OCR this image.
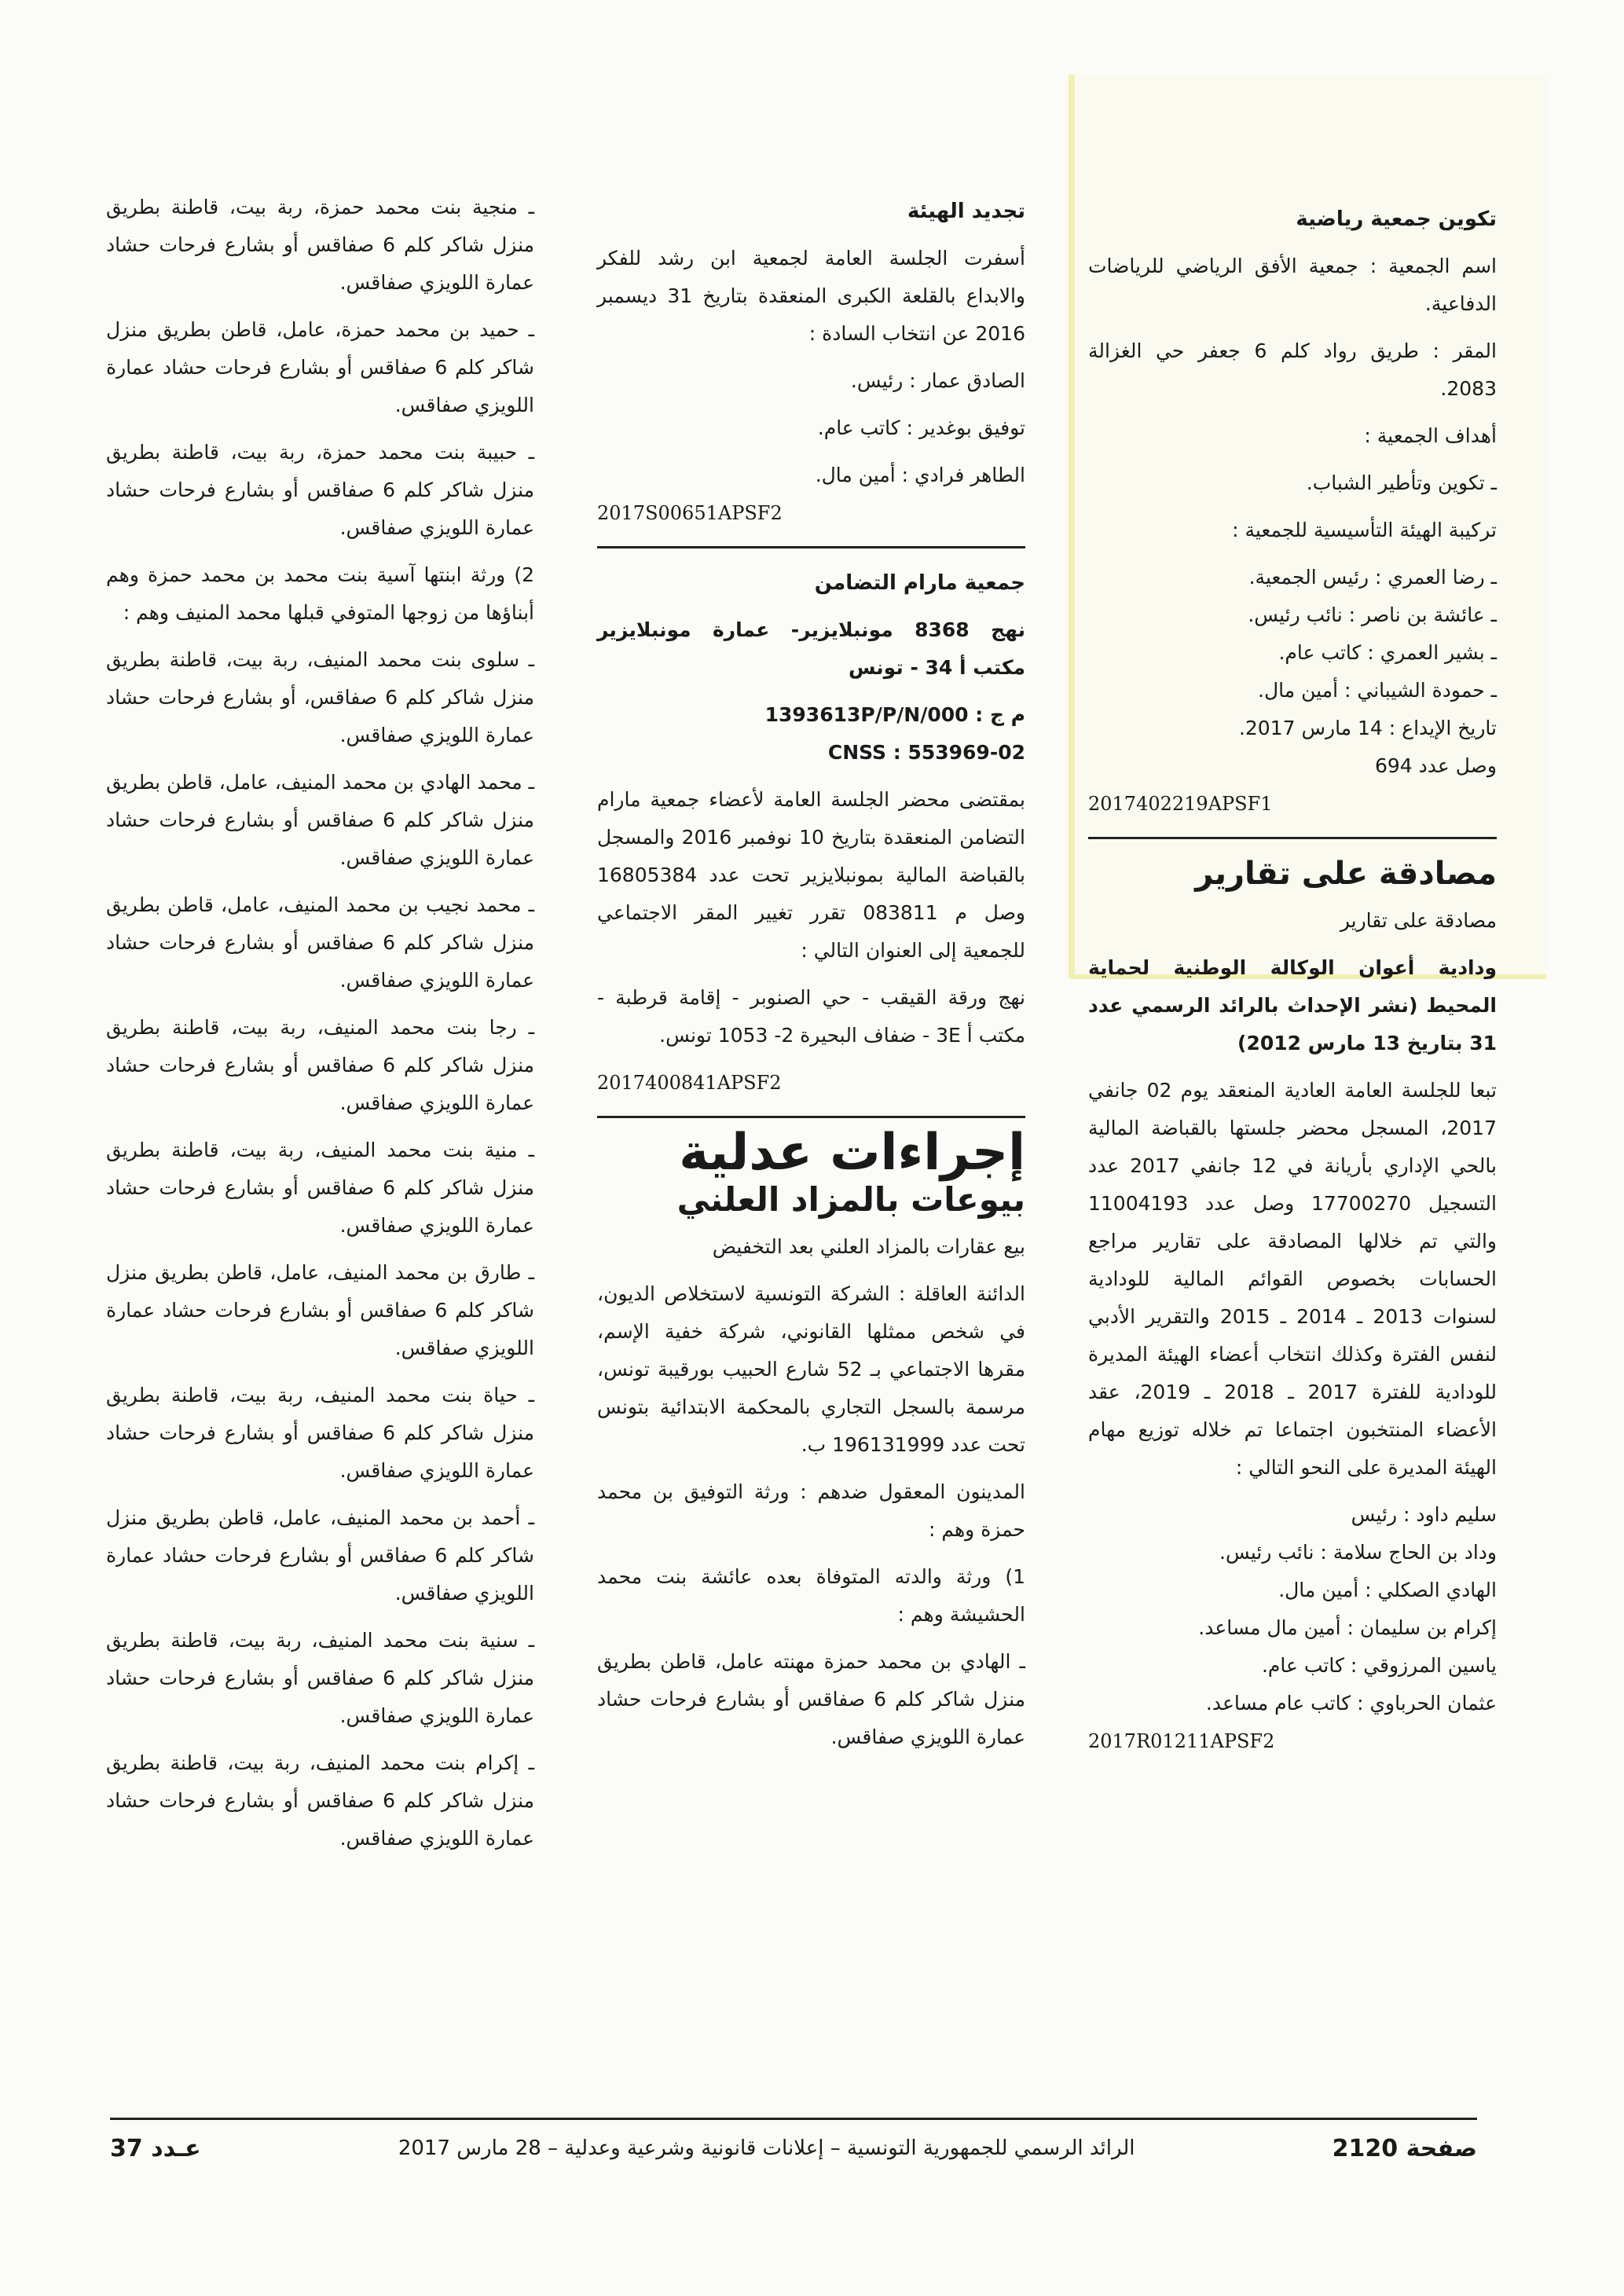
تكوين جمعية رياضية

اسم الجمعية : جمعية الأفق الرياضي للرياضات الدفاعية.

المقر : طريق رواد كلم 6 جعفر حي الغزالة 2083.

أهداف الجمعية :

ـ تكوين وتأطير الشباب.

تركيبة الهيئة التأسيسية للجمعية :

ـ رضا العمري : رئيس الجمعية.

ـ عائشة بن ناصر : نائب رئيس.

ـ بشير العمري : كاتب عام.

ـ حمودة الشيباني : أمين مال.

تاريخ الإيداع : 14 مارس 2017.

وصل عدد 694

2017402219APSF1

مصادقة على تقارير

مصادقة على تقارير

ودادية أعوان الوكالة الوطنية لحماية المحيط (نشر الإحداث بالرائد الرسمي عدد 31 بتاريخ 13 مارس 2012)

تبعا للجلسة العامة العادية المنعقد يوم 02 جانفي 2017، المسجل محضر جلستها بالقباضة المالية بالحي الإداري بأريانة في 12 جانفي 2017 عدد التسجيل 17700270 وصل عدد 11004193 والتي تم خلالها المصادقة على تقارير مراجع الحسابات بخصوص القوائم المالية للودادية لسنوات 2013 ـ 2014 ـ 2015 والتقرير الأدبي لنفس الفترة وكذلك انتخاب أعضاء الهيئة المديرة للودادية للفترة 2017 ـ 2018 ـ 2019، عقد الأعضاء المنتخبون اجتماعا تم خلاله توزيع مهام الهيئة المديرة على النحو التالي :

سليم داود : رئيس

وداد بن الحاج سلامة : نائب رئيس.

الهادي الصكلي : أمين مال.

إكرام بن سليمان : أمين مال مساعد.

ياسين المرزوقي : كاتب عام.

عثمان الحرباوي : كاتب عام مساعد.

2017R01211APSF2

تجديد الهيئة

أسفرت الجلسة العامة لجمعية ابن رشد للفكر والابداع بالقلعة الكبرى المنعقدة بتاريخ 31 ديسمبر 2016 عن انتخاب السادة :

الصادق عمار : رئيس.

توفيق بوغدير : كاتب عام.

الطاهر فرادي : أمين مال.

2017S00651APSF2

جمعية مارام التضامن

نهج 8368 مونبلايزير- عمارة مونبلايزير مكتب أ 34 - تونس

م ج : 1393613P/P/N/000

CNSS : 553969-02

بمقتضى محضر الجلسة العامة لأعضاء جمعية مارام التضامن المنعقدة بتاريخ 10 نوفمبر 2016 والمسجل بالقباضة المالية بمونبلايزير تحت عدد 16805384 وصل م 083811 تقرر تغيير المقر الاجتماعي للجمعية إلى العنوان التالي :

نهج ورقة القيقب - حي الصنوبر - إقامة قرطبة - مكتب أ 3E - ضفاف البحيرة 2- 1053 تونس.

2017400841APSF2

إجراءات عدلية

بيوعات بالمزاد العلني

بيع عقارات بالمزاد العلني بعد التخفيض

الدائنة العاقلة : الشركة التونسية لاستخلاص الديون، في شخص ممثلها القانوني، شركة خفية الإسم، مقرها الاجتماعي بـ 52 شارع الحبيب بورقيبة تونس، مرسمة بالسجل التجاري بالمحكمة الابتدائية بتونس تحت عدد 196131999 ب.

المدينون المعقول ضدهم : ورثة التوفيق بن محمد حمزة وهم :

1) ورثة والدته المتوفاة بعده عائشة بنت محمد الحشيشة وهم :

ـ الهادي بن محمد حمزة مهنته عامل، قاطن بطريق منزل شاكر كلم 6 صفاقس أو بشارع فرحات حشاد عمارة اللويزي صفاقس.

ـ منجية بنت محمد حمزة، ربة بيت، قاطنة بطريق منزل شاكر كلم 6 صفاقس أو بشارع فرحات حشاد عمارة اللويزي صفاقس.

ـ حميد بن محمد حمزة، عامل، قاطن بطريق منزل شاكر كلم 6 صفاقس أو بشارع فرحات حشاد عمارة اللويزي صفاقس.

ـ حبيبة بنت محمد حمزة، ربة بيت، قاطنة بطريق منزل شاكر كلم 6 صفاقس أو بشارع فرحات حشاد عمارة اللويزي صفاقس.

2) ورثة ابنتها آسية بنت محمد بن محمد حمزة وهم أبناؤها من زوجها المتوفي قبلها محمد المنيف وهم :

ـ سلوى بنت محمد المنيف، ربة بيت، قاطنة بطريق منزل شاكر كلم 6 صفاقس، أو بشارع فرحات حشاد عمارة اللويزي صفاقس.

ـ محمد الهادي بن محمد المنيف، عامل، قاطن بطريق منزل شاكر كلم 6 صفاقس أو بشارع فرحات حشاد عمارة اللويزي صفاقس.

ـ محمد نجيب بن محمد المنيف، عامل، قاطن بطريق منزل شاكر كلم 6 صفاقس أو بشارع فرحات حشاد عمارة اللويزي صفاقس.

ـ رجا بنت محمد المنيف، ربة بيت، قاطنة بطريق منزل شاكر كلم 6 صفاقس أو بشارع فرحات حشاد عمارة اللويزي صفاقس.

ـ منية بنت محمد المنيف، ربة بيت، قاطنة بطريق منزل شاكر كلم 6 صفاقس أو بشارع فرحات حشاد عمارة اللويزي صفاقس.

ـ طارق بن محمد المنيف، عامل، قاطن بطريق منزل شاكر كلم 6 صفاقس أو بشارع فرحات حشاد عمارة اللويزي صفاقس.

ـ حياة بنت محمد المنيف، ربة بيت، قاطنة بطريق منزل شاكر كلم 6 صفاقس أو بشارع فرحات حشاد عمارة اللويزي صفاقس.

ـ أحمد بن محمد المنيف، عامل، قاطن بطريق منزل شاكر كلم 6 صفاقس أو بشارع فرحات حشاد عمارة اللويزي صفاقس.

ـ سنية بنت محمد المنيف، ربة بيت، قاطنة بطريق منزل شاكر كلم 6 صفاقس أو بشارع فرحات حشاد عمارة اللويزي صفاقس.

ـ إكرام بنت محمد المنيف، ربة بيت، قاطنة بطريق منزل شاكر كلم 6 صفاقس أو بشارع فرحات حشاد عمارة اللويزي صفاقس.

صفحة 2120
الرائد الرسمي للجمهورية التونسية – إعلانات قانونية وشرعية وعدلية – 28 مارس 2017
عـدد 37
